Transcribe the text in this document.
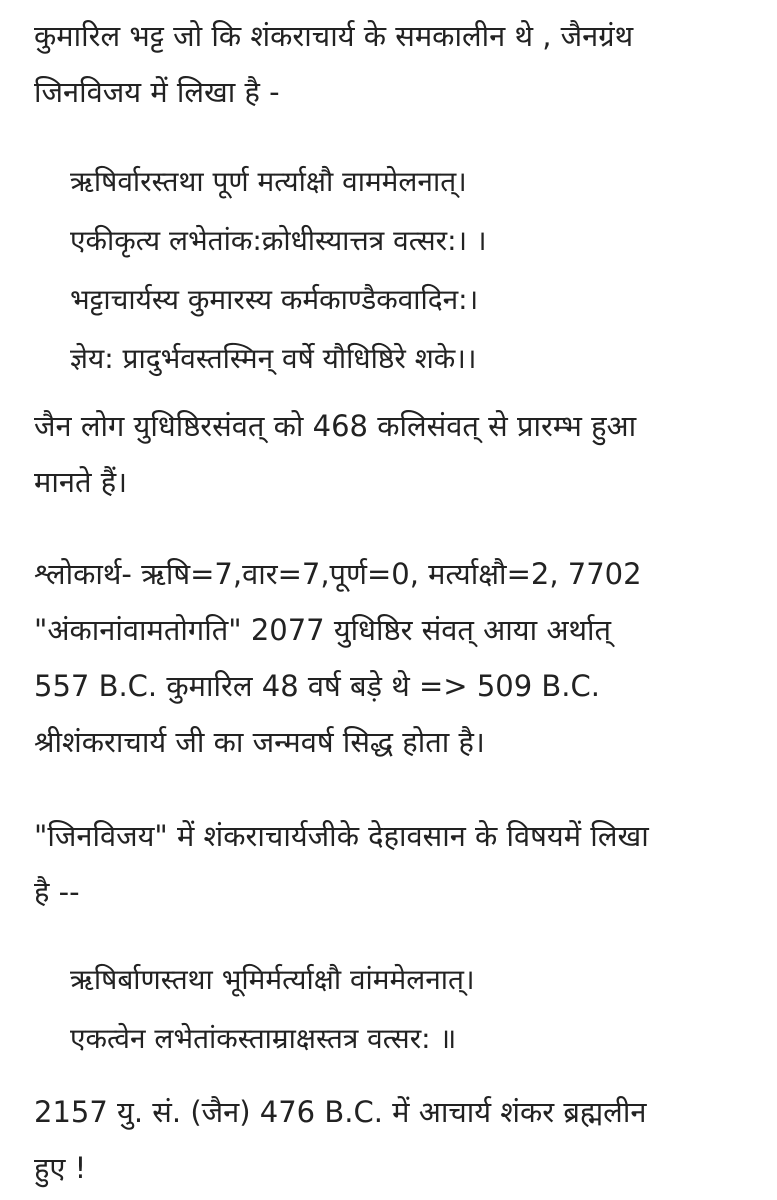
कुमारिल भट्ट जो कि शंकराचार्य के समकालीन थे , जैनग्रंथ
जिनविजय में लिखा है -

ऋषिर्वारस्तथा पूर्ण मर्त्याक्षौ वाममेलनात्।
एकीकृत्य लभेतांक:क्रोधीस्यात्तत्र वत्सर:। ।
भट्टाचार्यस्य कुमारस्य कर्मकाण्डैकवादिन:।
ज्ञेय: प्रादुर्भवस्तस्मिन् वर्षे यौधिष्ठिरे शके।।

जैन लोग युधिष्ठिरसंवत् को 468 कलिसंवत् से प्रारम्भ हुआ
मानते हैं।

श्लोकार्थ- ऋषि=7,वार=7,पूर्ण=0, मर्त्याक्षौ=2, 7702
"अंकानांवामतोगति" 2077 युधिष्ठिर संवत् आया अर्थात्
557 B.C. कुमारिल 48 वर्ष बड़े थे => 509 B.C.
श्रीशंकराचार्य जी का जन्मवर्ष सिद्ध होता है।

"जिनविजय" में शंकराचार्यजीके देहावसान के विषयमें लिखा
है --

ऋषिर्बाणस्तथा भूमिर्मर्त्याक्षौ वांममेलनात्।
एकत्वेन लभेतांकस्ताम्राक्षस्तत्र वत्सर: ॥

2157 यु. सं. (जैन) 476 B.C. में आचार्य शंकर ब्रह्मलीन
हुए !
